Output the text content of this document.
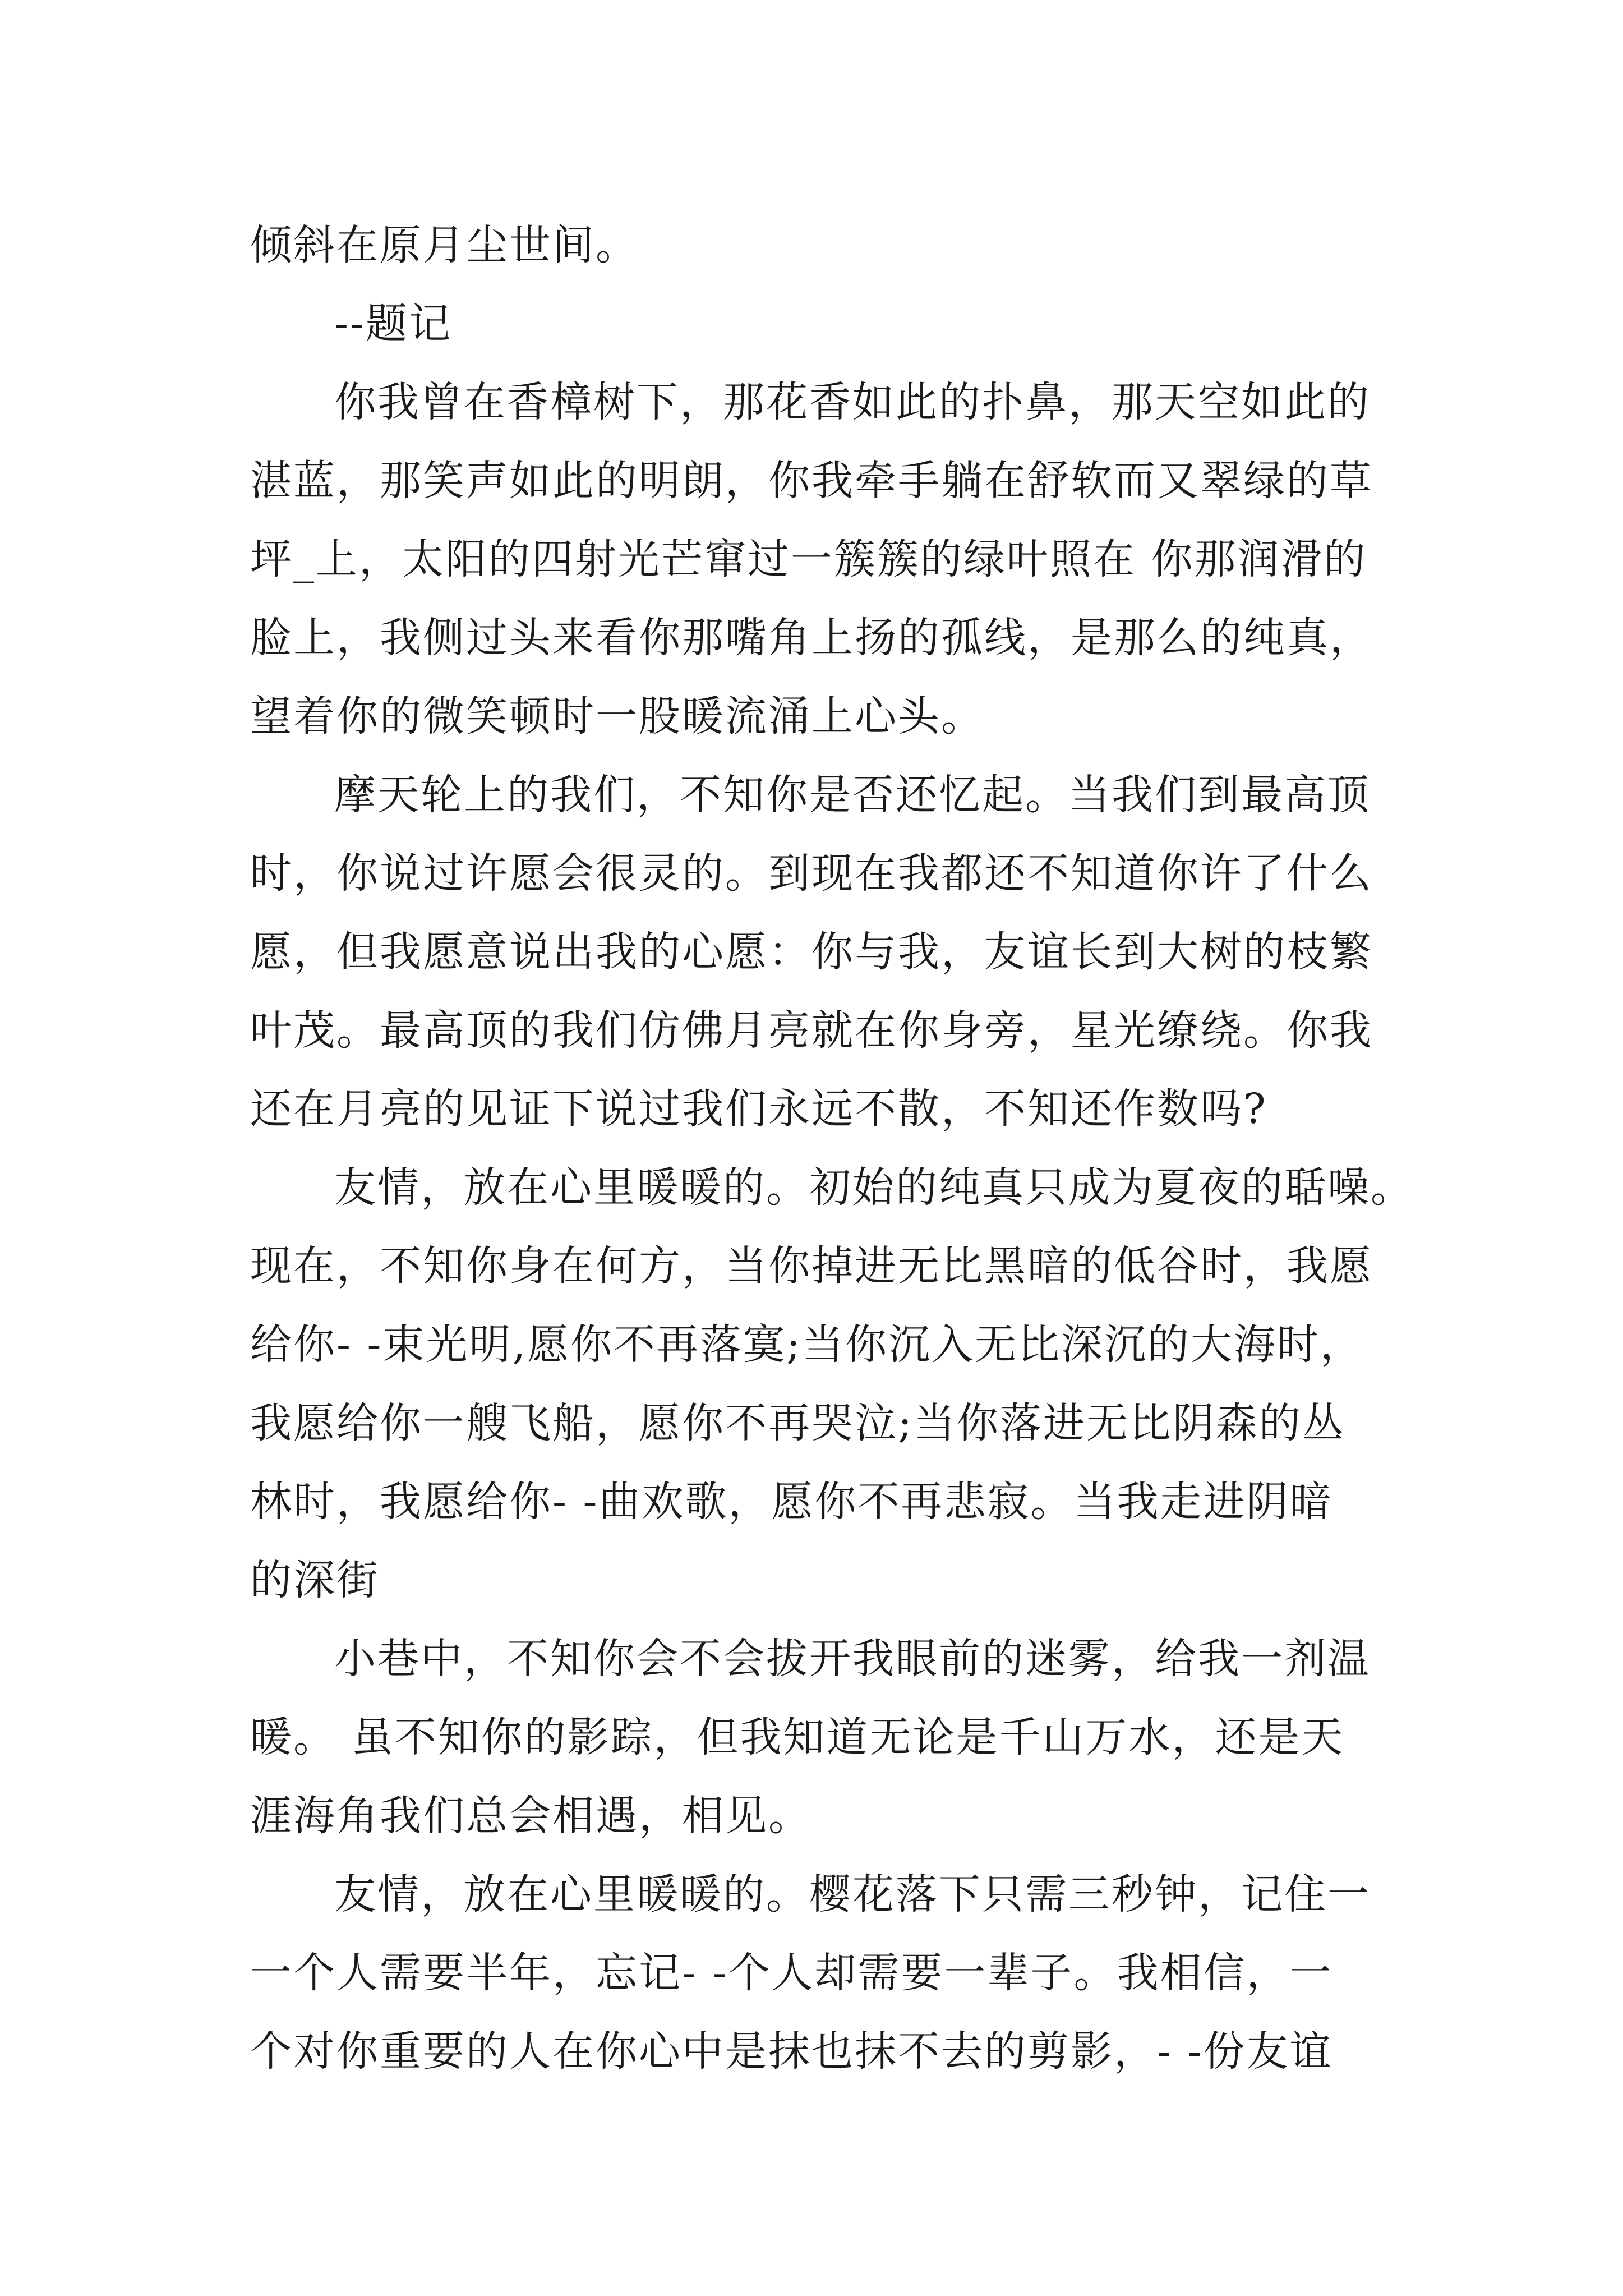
倾斜在原月尘世间。

--题记

你我曾在香樟树下，那花香如此的扑鼻，那天空如此的

湛蓝，那笑声如此的明朗，你我牵手躺在舒软而又翠绿的草

坪_上，太阳的四射光芒窜过一簇簇的绿叶照在 你那润滑的

脸上，我侧过头来看你那嘴角上扬的孤线，是那么的纯真，

望着你的微笑顿时一股暖流涌上心头。

摩天轮上的我们，不知你是否还忆起。当我们到最高顶

时，你说过许愿会很灵的。到现在我都还不知道你许了什么

愿，但我愿意说出我的心愿：你与我，友谊长到大树的枝繁

叶茂。最高顶的我们仿佛月亮就在你身旁，星光缭绕。你我

还在月亮的见证下说过我们永远不散，不知还作数吗?

友情，放在心里暖暖的。初始的纯真只成为夏夜的聒噪。

现在，不知你身在何方，当你掉进无比黑暗的低谷时，我愿

给你- -束光明,愿你不再落寞;当你沉入无比深沉的大海时，

我愿给你一艘飞船，愿你不再哭泣;当你落进无比阴森的丛

林时，我愿给你- -曲欢歌，愿你不再悲寂。当我走进阴暗

的深街

小巷中，不知你会不会拔开我眼前的迷雾，给我一剂温

暖。 虽不知你的影踪，但我知道无论是千山万水，还是天

涯海角我们总会相遇，相见。

友情，放在心里暖暖的。樱花落下只需三秒钟，记住一

一个人需要半年，忘记- -个人却需要一辈子。我相信，一

个对你重要的人在你心中是抹也抹不去的剪影，- -份友谊
